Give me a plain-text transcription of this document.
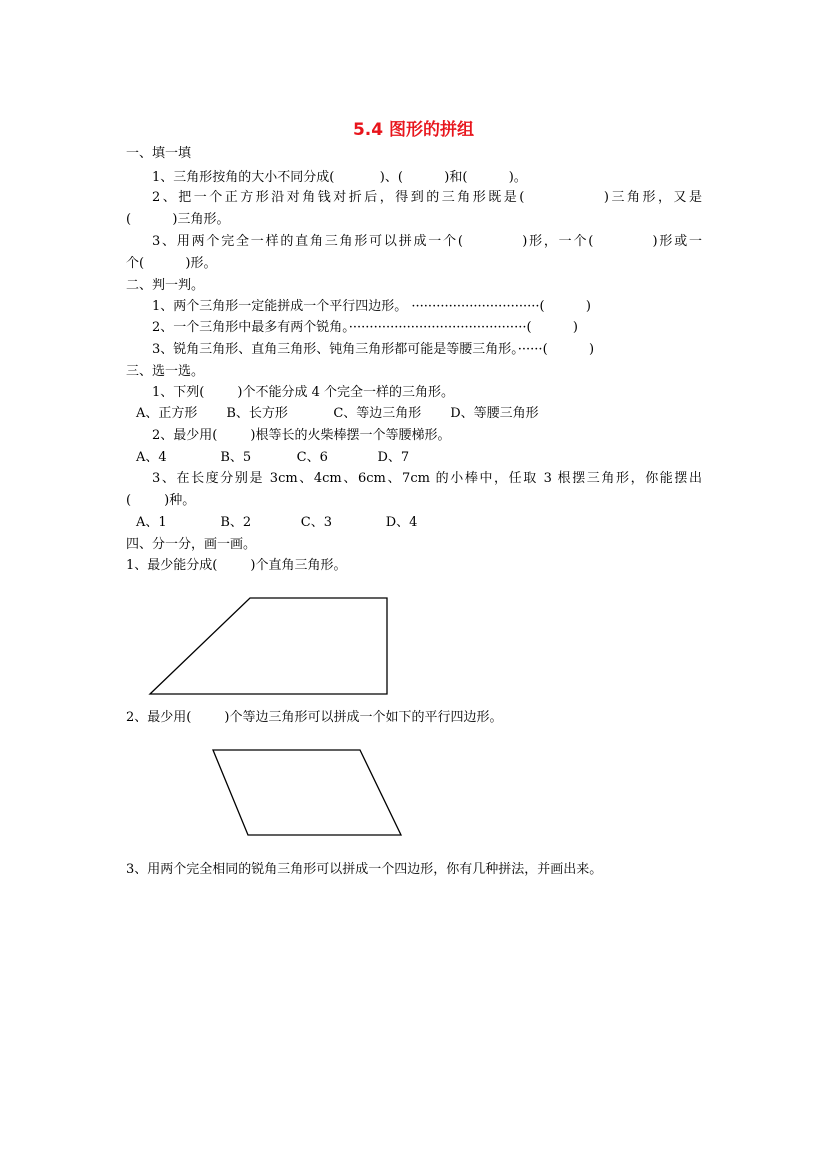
5.4 图形的拼组
一、填一填
1、三角形按角的大小不同分成(           )、(          )和(          )。
2、把一个正方形沿对角钱对折后，得到的三角形既是(            )三角形，又是
(          )三角形。
3、用两个完全一样的直角三角形可以拼成一个(          )形，一个(          )形或一
个(          )形。
二、判一判。
1、两个三角形一定能拼成一个平行四边形。 ·······························(          )
2、一个三角形中最多有两个锐角。···········································(          )
3、锐角三角形、直角三角形、钝角三角形都可能是等腰三角形。······(          )
三、选一选。
1、下列(        )个不能分成 4 个完全一样的三角形。
A、正方形       B、长方形           C、等边三角形       D、等腰三角形
2、最少用(        )根等长的火柴棒摆一个等腰梯形。
A、4             B、5           C、6            D、7
3、在长度分别是 3cm、4cm、6cm、7cm 的小棒中，任取 3 根摆三角形，你能摆出
(        )种。
A、1             B、2            C、3             D、4
四、分一分，画一画。
1、最少能分成(        )个直角三角形。
2、最少用(        )个等边三角形可以拼成一个如下的平行四边形。
3、用两个完全相同的锐角三角形可以拼成一个四边形，你有几种拼法，并画出来。
